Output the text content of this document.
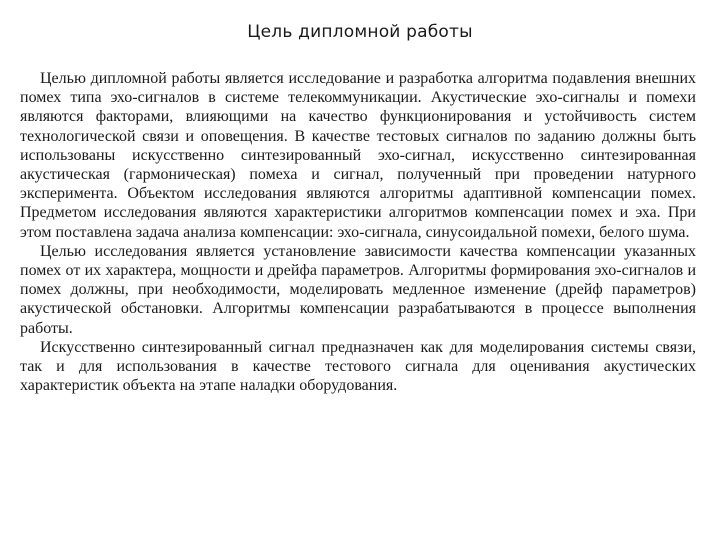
Цель дипломной работы

Целью дипломной работы является исследование и разработка алгоритма подавления внешних помех типа эхо-сигналов в системе телекоммуникации. Акустические эхо-сигналы и помехи являются факторами, влияющими на качество функционирования и устойчивость систем технологической связи и оповещения. В качестве тестовых сигналов по заданию должны быть использованы искусственно синтезированный эхо-сигнал, искусственно синтезированная акустическая (гармоническая) помеха и сигнал, полученный при проведении натурного эксперимента. Объектом исследования являются алгоритмы адаптивной компенсации помех. Предметом исследования являются характеристики алгоритмов компенсации помех и эха. При этом поставлена задача анализа компенсации: эхо-сигнала, синусоидальной помехи, белого шума.

Целью исследования является установление зависимости качества компенсации указанных помех от их характера, мощности и дрейфа параметров. Алгоритмы формирования эхо-сигналов и помех должны, при необходимости, моделировать медленное изменение (дрейф параметров) акустической обстановки. Алгоритмы компенсации разрабатываются в процессе выполнения работы.

Искусственно синтезированный сигнал предназначен как для моделирования системы связи, так и для использования в качестве тестового сигнала для оценивания акустических характеристик объекта на этапе наладки оборудования.
